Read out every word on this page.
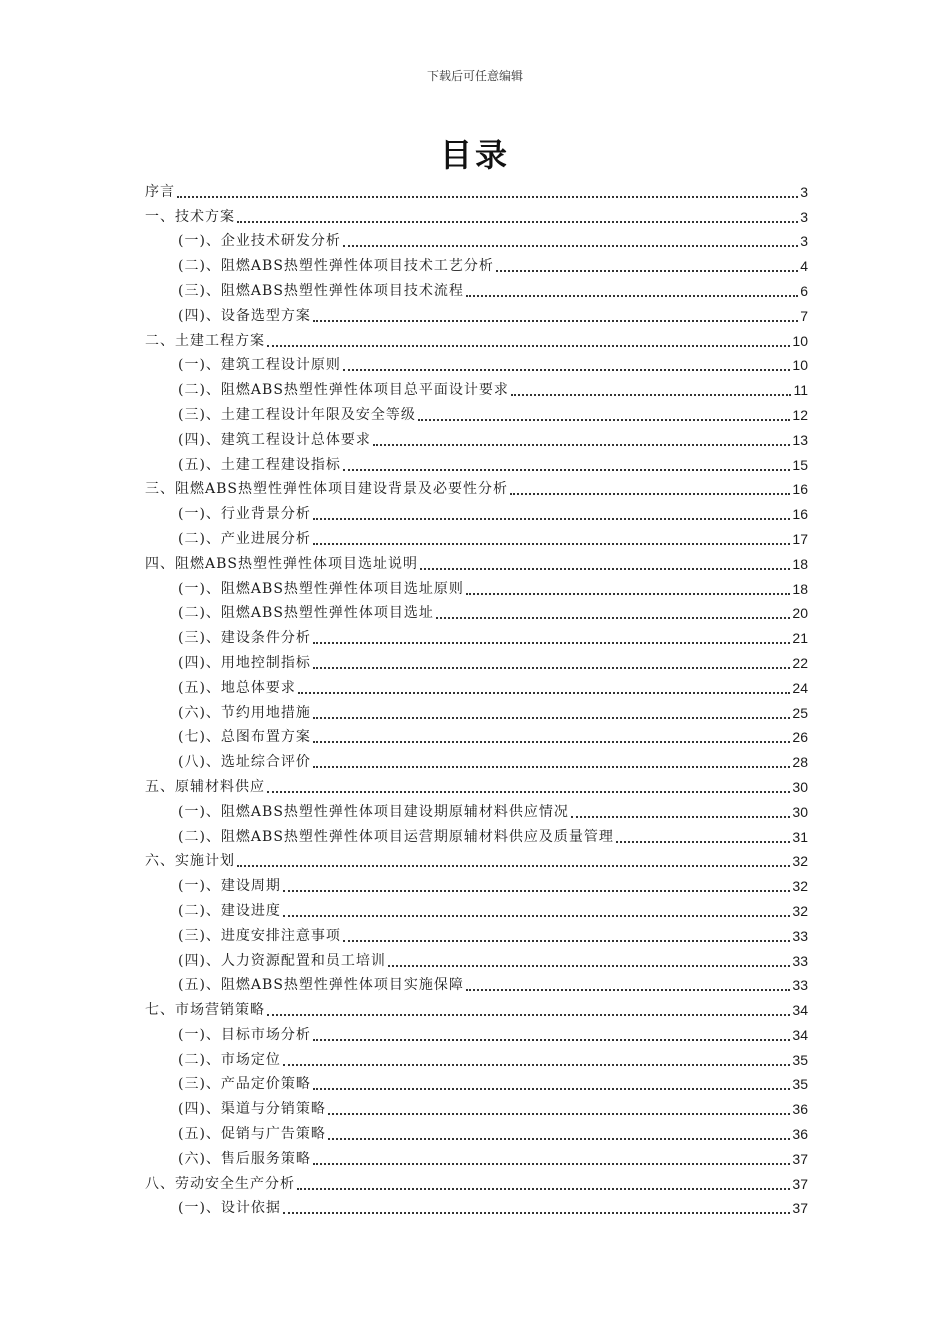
下载后可任意编辑
目录
序言	3
一、技术方案	3
(一)、企业技术研发分析	3
(二)、阻燃ABS热塑性弹性体项目技术工艺分析	4
(三)、阻燃ABS热塑性弹性体项目技术流程	6
(四)、设备选型方案	7
二、土建工程方案	10
(一)、建筑工程设计原则	10
(二)、阻燃ABS热塑性弹性体项目总平面设计要求	11
(三)、土建工程设计年限及安全等级	12
(四)、建筑工程设计总体要求	13
(五)、土建工程建设指标	15
三、阻燃ABS热塑性弹性体项目建设背景及必要性分析	16
(一)、行业背景分析	16
(二)、产业进展分析	17
四、阻燃ABS热塑性弹性体项目选址说明	18
(一)、阻燃ABS热塑性弹性体项目选址原则	18
(二)、阻燃ABS热塑性弹性体项目选址	20
(三)、建设条件分析	21
(四)、用地控制指标	22
(五)、地总体要求	24
(六)、节约用地措施	25
(七)、总图布置方案	26
(八)、选址综合评价	28
五、原辅材料供应	30
(一)、阻燃ABS热塑性弹性体项目建设期原辅材料供应情况	30
(二)、阻燃ABS热塑性弹性体项目运营期原辅材料供应及质量管理	31
六、实施计划	32
(一)、建设周期	32
(二)、建设进度	32
(三)、进度安排注意事项	33
(四)、人力资源配置和员工培训	33
(五)、阻燃ABS热塑性弹性体项目实施保障	33
七、市场营销策略	34
(一)、目标市场分析	34
(二)、市场定位	35
(三)、产品定价策略	35
(四)、渠道与分销策略	36
(五)、促销与广告策略	36
(六)、售后服务策略	37
八、劳动安全生产分析	37
(一)、设计依据	37
